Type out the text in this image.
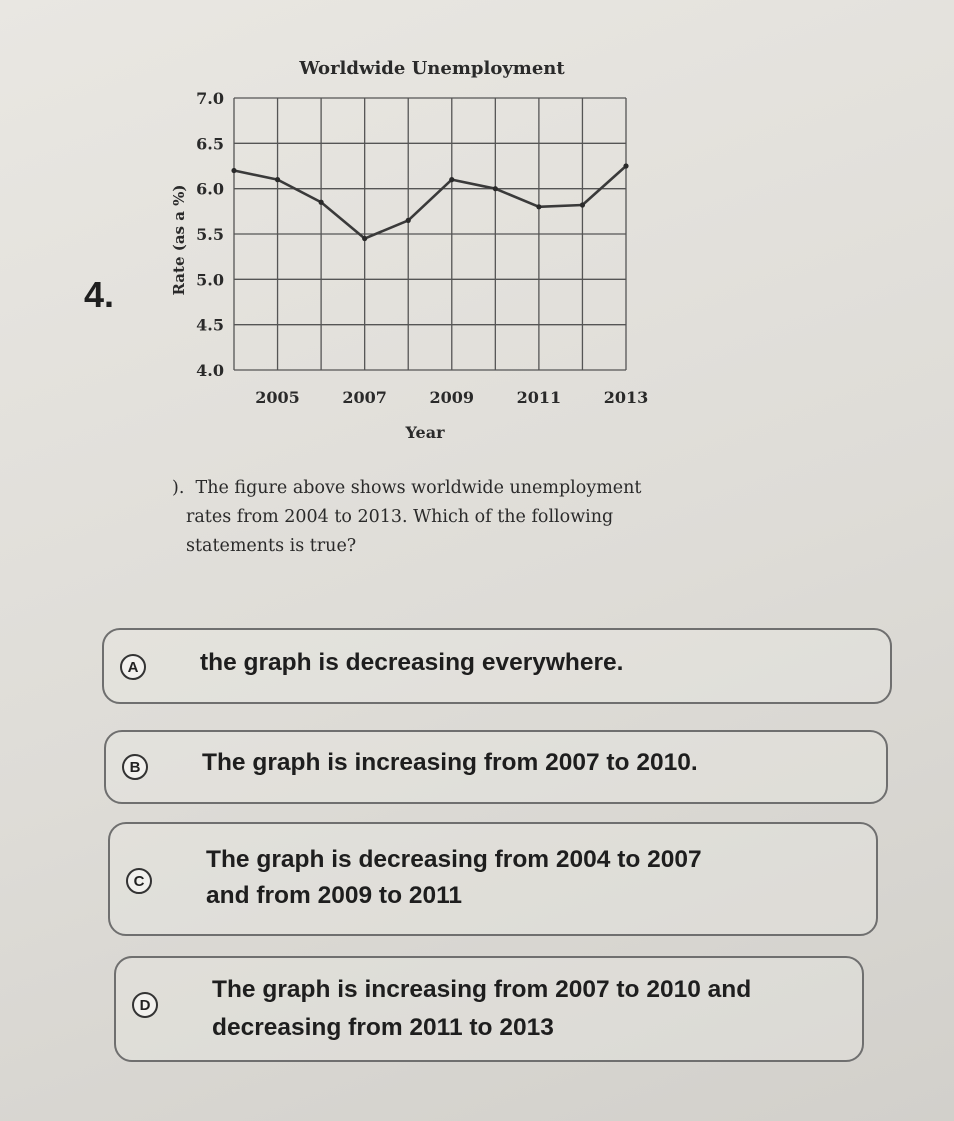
4.
Worldwide Unemployment
Rate (as a %)
Year
4.0
4.5
5.0
5.5
6.0
6.5
7.0
2005	2007	2009	2011	2013
). The figure above shows worldwide unemployment
rates from 2004 to 2013. Which of the following
statements is true?
A	the graph is decreasing everywhere.
B	The graph is increasing from 2007 to 2010.
C
The graph is decreasing from 2004 to 2007
and from 2009 to 2011
D
The graph is increasing from 2007 to 2010 and
decreasing from 2011 to 2013
